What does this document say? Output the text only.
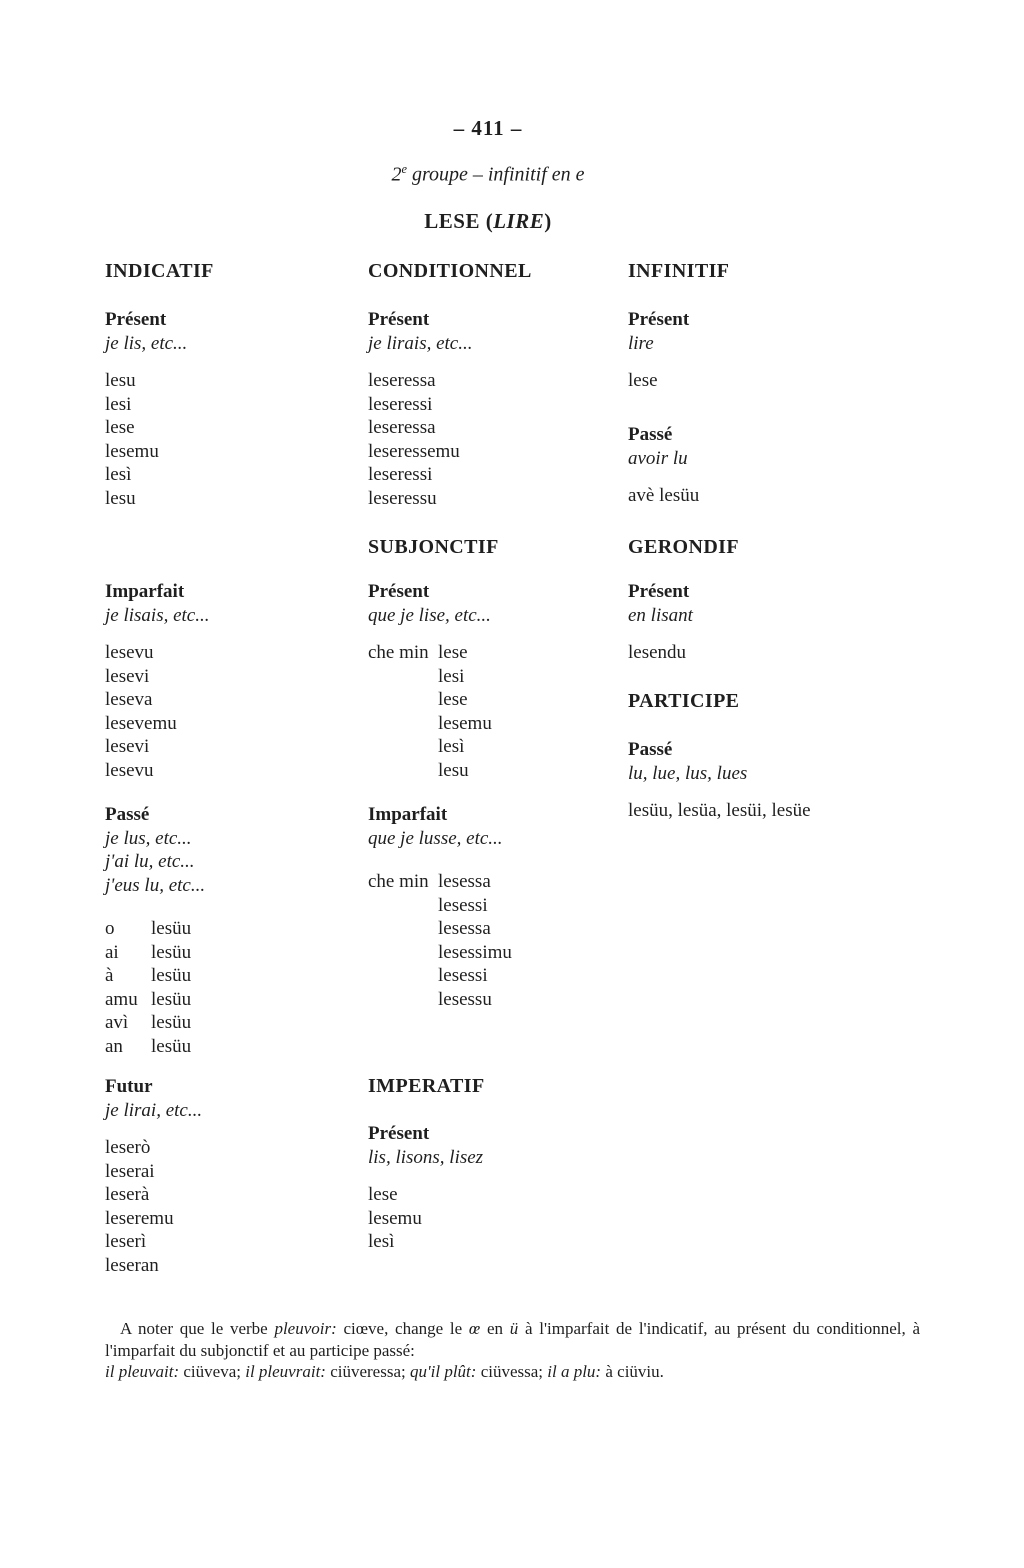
– 411 –
2e groupe – infinitif en e
LESE (LIRE)
INDICATIF	CONDITIONNEL	INFINITIF
Présent
je lis, etc...
lesu
lesi
lese
lesemu
lesì
lesu
Présent
je lirais, etc...
leseressa
leseressi
leseressa
leseressemu
leseressi
leseressu
Présent
lire
lese
Passé
avoir lu
avè lesüu
SUBJONCTIF	GERONDIF
Imparfait
je lisais, etc...
lesevu
lesevi
leseva
lesevemu
lesevi
lesevu
Présent
que je lise, etc...
che min lese
lesi
lese
lesemu
lesì
lesu
Présent
en lisant
lesendu
PARTICIPE
Passé
lu, lue, lus, lues
lesüu, lesüa, lesüi, lesüe
Passé
je lus, etc...
j'ai lu, etc...
j'eus lu, etc...
o lesüu
ai lesüu
à lesüu
amu lesüu
avì lesüu
an lesüu
Imparfait
que je lusse, etc...
che min lesessa
lesessi
lesessa
lesessimu
lesessi
lesessu
Futur
je lirai, etc...
leserò
leserai
leserà
leseremu
leserì
leseran
IMPERATIF
Présent
lis, lisons, lisez
lese
lesemu
lesì
A noter que le verbe pleuvoir: ciœve, change le œ en ü à l'imparfait de l'indicatif, au présent du conditionnel, à l'imparfait du subjonctif et au participe passé:
il pleuvait: ciüveva; il pleuvrait: ciüveressa; qu'il plût: ciüvessa; il a plu: à ciüviu.
